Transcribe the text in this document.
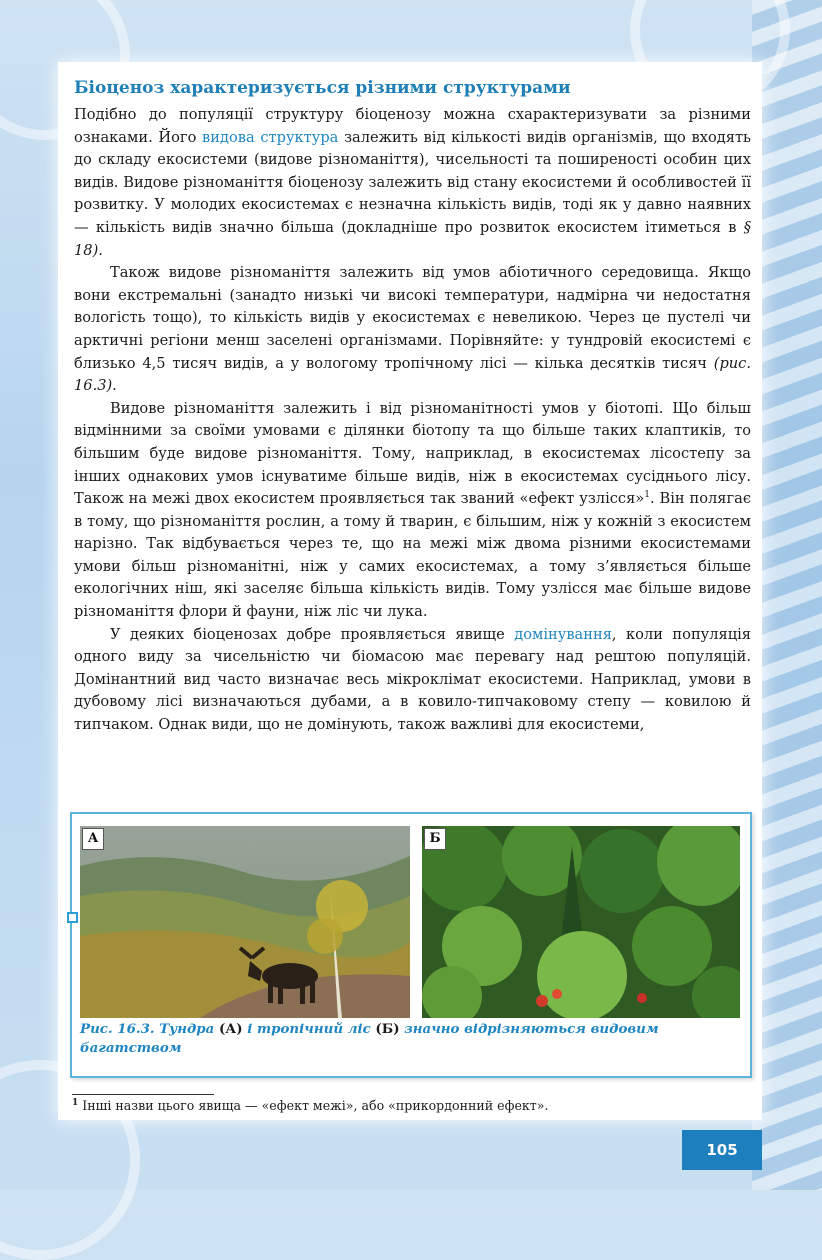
Біоценоз характеризується різними структурами

Подібно до популяції структуру біоценозу можна схарактеризувати за різними ознаками. Його видова структура залежить від кількості видів організмів, що входять до складу екосистеми (видове різноманіття), чисельності та поширеності особин цих видів. Видове різноманіття біоценозу залежить від стану екосистеми й особливостей її розвитку. У молодих екосистемах є незначна кількість видів, тоді як у давно наявних — кількість видів значно більша (докладніше про розвиток екосистем ітиметься в § 18).

Також видове різноманіття залежить від умов абіотичного середовища. Якщо вони екстремальні (занадто низькі чи високі температури, надмірна чи недостатня вологість тощо), то кількість видів у екосистемах є невеликою. Через це пустелі чи арктичні регіони менш заселені організмами. Порівняйте: у тундровій екосистемі є близько 4,5 тисяч видів, а у вологому тропічному лісі — кілька десятків тисяч (рис. 16.3).

Видове різноманіття залежить і від різноманітності умов у біотопі. Що більш відмінними за своїми умовами є ділянки біотопу та що більше таких клаптиків, то більшим буде видове різноманіття. Тому, наприклад, в екосистемах лісостепу за інших однакових умов існуватиме більше видів, ніж в екосистемах сусіднього лісу. Також на межі двох екосистем проявляється так званий «ефект узлісся»$^1$. Він полягає в тому, що різноманіття рослин, а тому й тварин, є більшим, ніж у кожній з екосистем нарізно. Так відбувається через те, що на межі між двома різними екосистемами умови більш різноманітні, ніж у самих екосистемах, а тому з’являється більше екологічних ніш, які заселяє більша кількість видів. Тому узлісся має більше видове різноманіття флори й фауни, ніж ліс чи лука.

У деяких біоценозах добре проявляється явище домінування, коли популяція одного виду за чисельністю чи біомасою має перевагу над рештою популяцій. Домінантний вид часто визначає весь мікроклімат екосистеми. Наприклад, умови в дубовому лісі визначаються дубами, а в ковило-типчаковому степу — ковилою й типчаком. Однак види, що не домінують, також важливі для екосистеми,

А	Б
Рис. 16.3. Тундра (А) і тропічний ліс (Б) значно відрізняються видовим багатством
$^1$ Інші назви цього явища — «ефект межі», або «прикордонний ефект».
105
